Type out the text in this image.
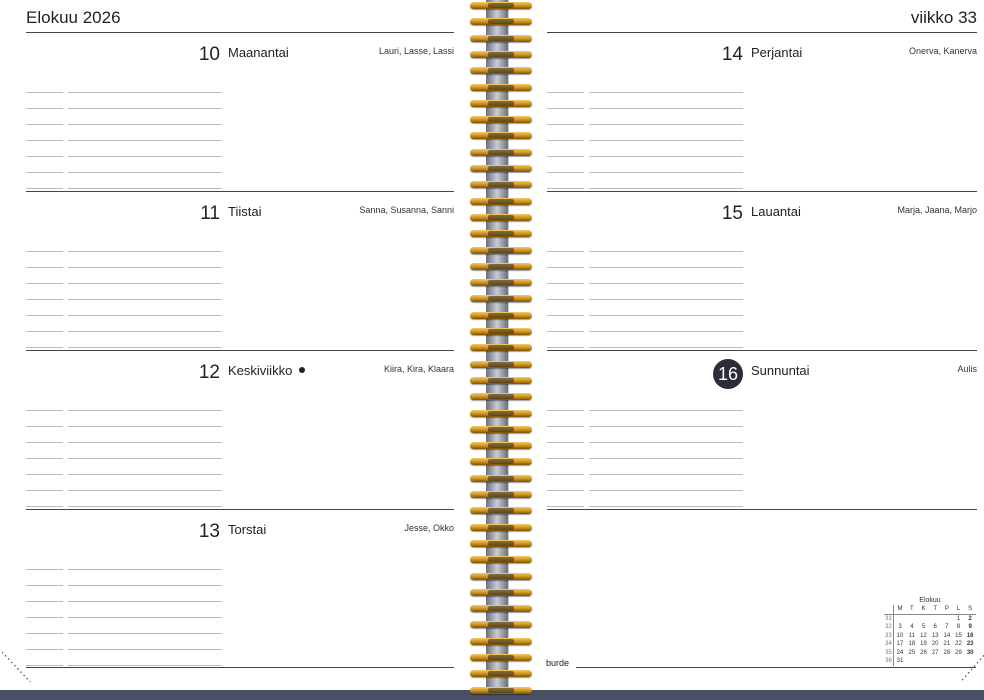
Elokuu 2026
10 Maanantai	Lauri, Lasse, Lassi
11 Tiistai	Sanna, Susanna, Sanni
12 Keskiviikko	Kiira, Kira, Klaara
13 Torstai	Jesse, Okko
viikko 33
14 Perjantai	Onerva, Kanerva
15 Lauantai	Marja, Jaana, Marjo
16 Sunnuntai	Aulis
burde
Elokuu
	M	T	K	T	P	L	S
31						1	2
32	3	4	5	6	7	8	9
33	10	11	12	13	14	15	16
34	17	18	19	20	21	22	23
35	24	25	26	27	28	29	30
36	31						
